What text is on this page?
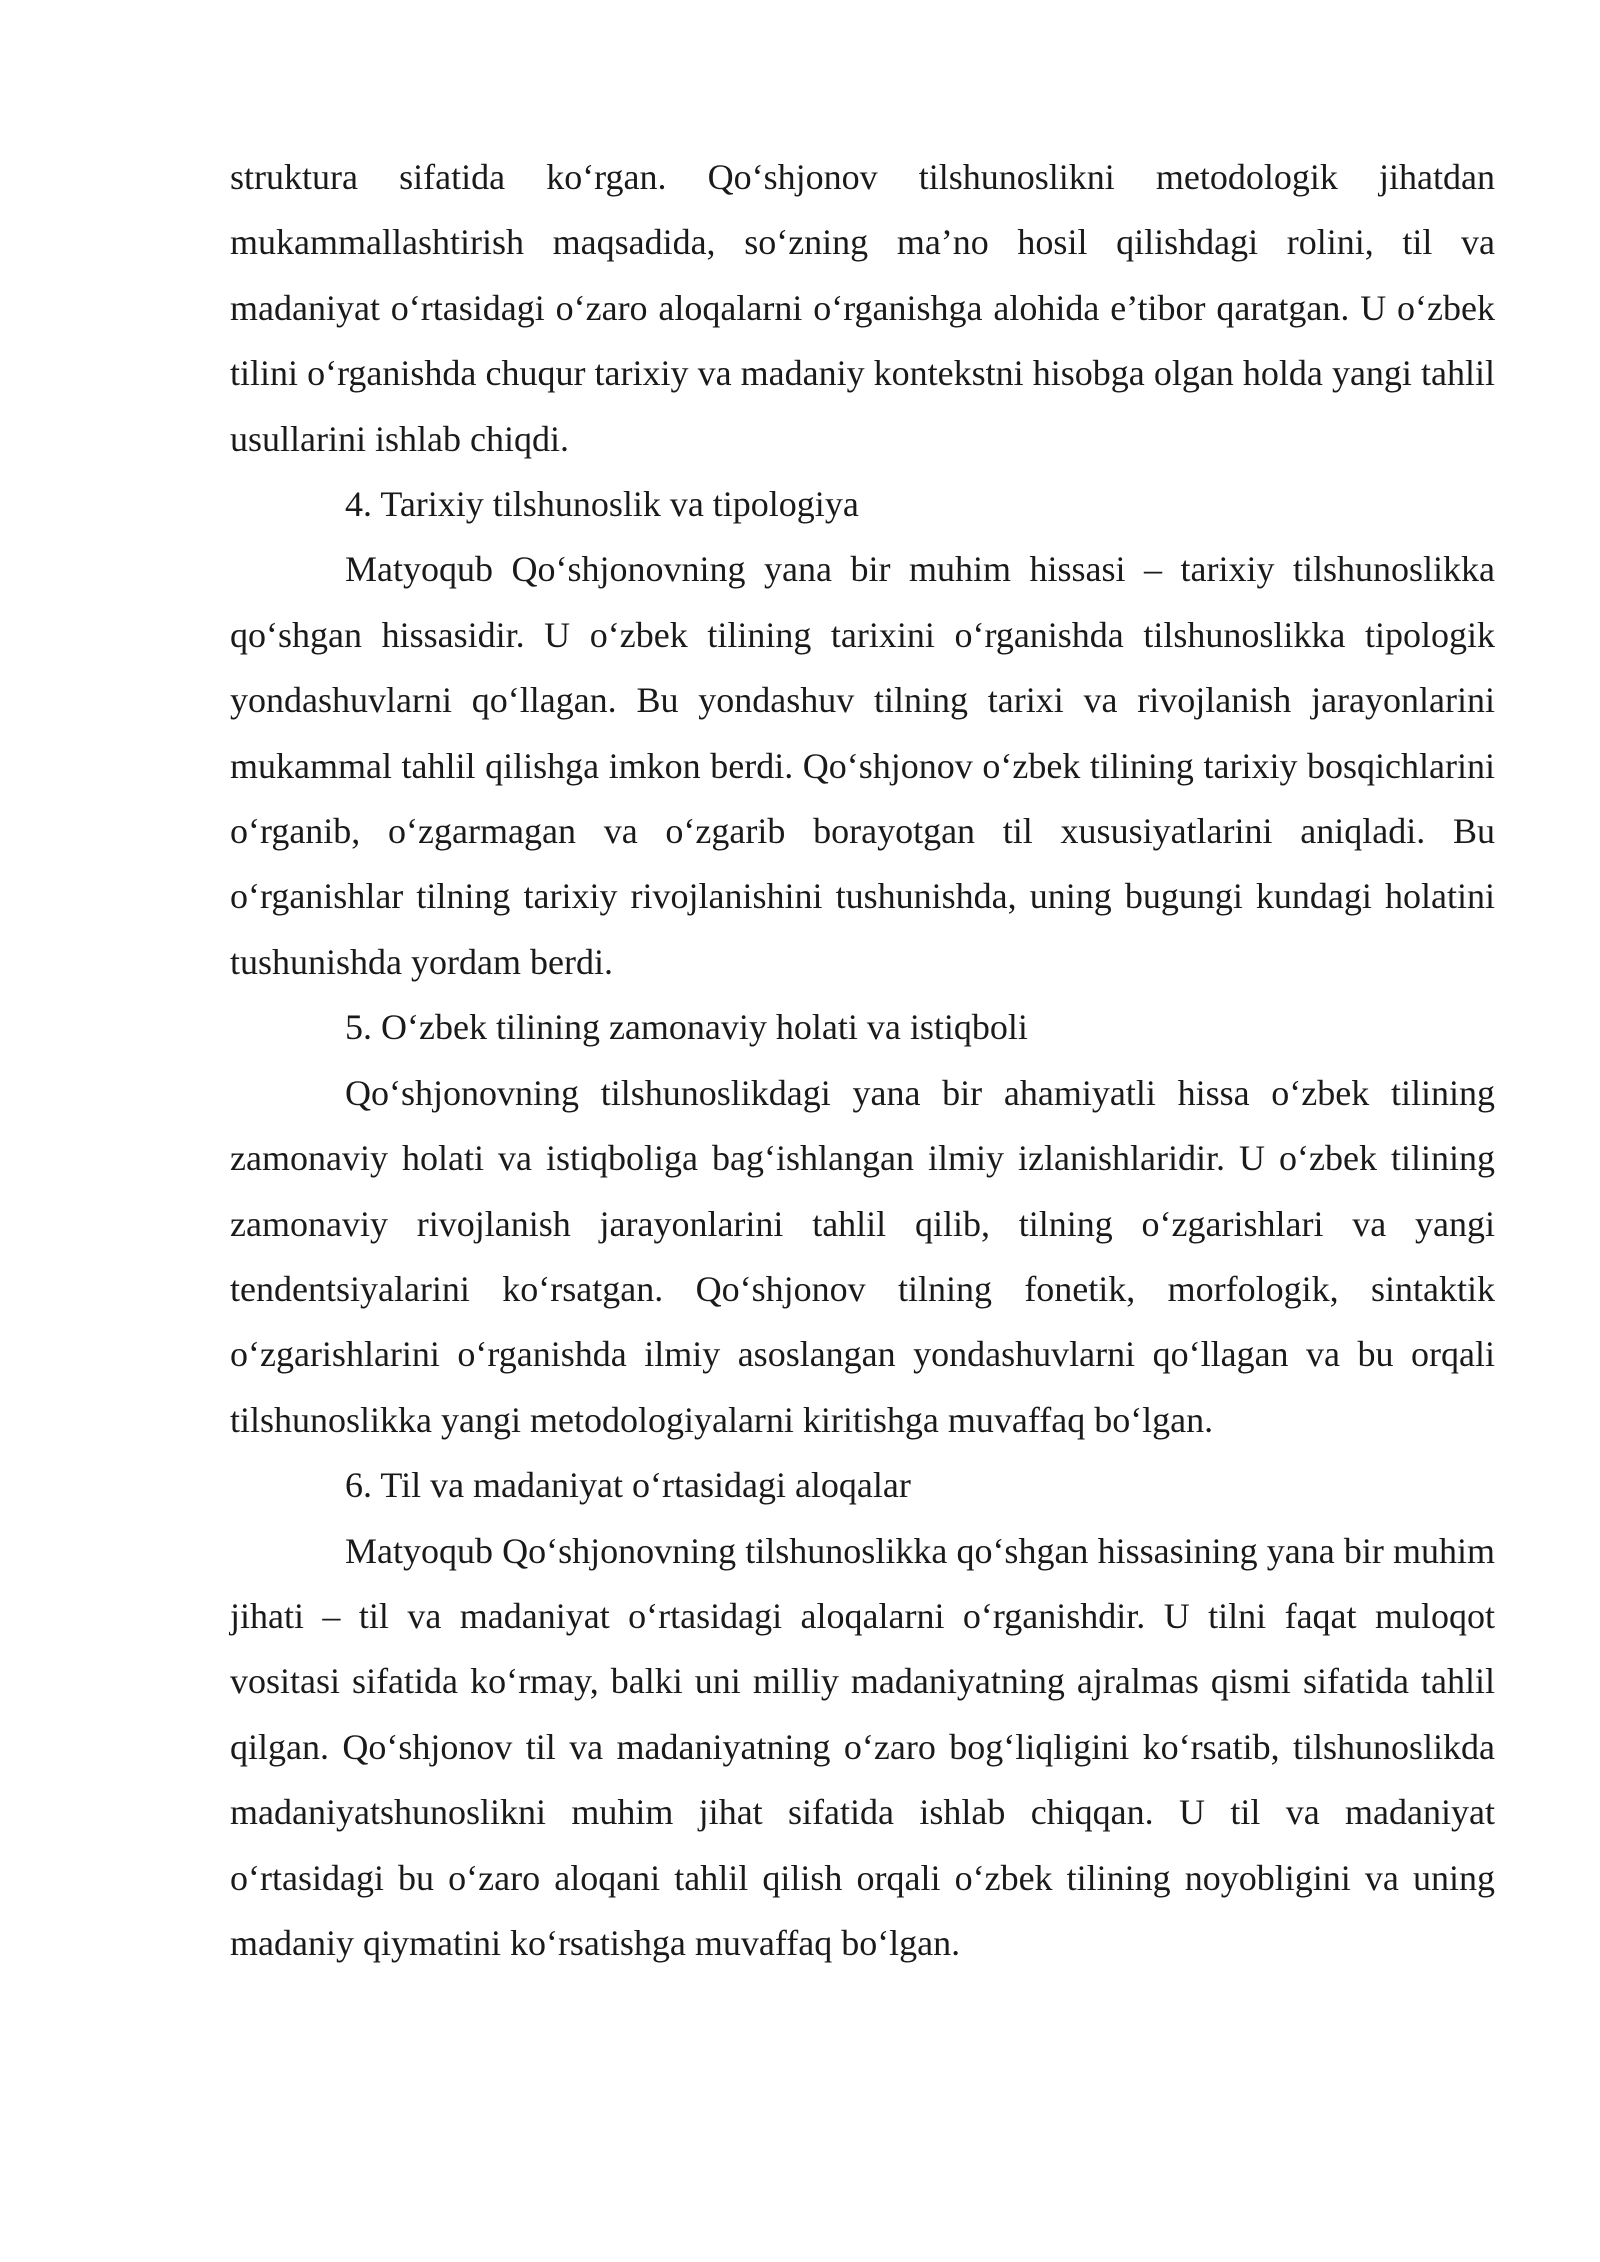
struktura sifatida koʻrgan. Qoʻshjonov tilshunoslikni metodologik jihatdan mukammallashtirish maqsadida, soʻzning ma’no hosil qilishdagi rolini, til va madaniyat oʻrtasidagi oʻzaro aloqalarni oʻrganishga alohida e’tibor qaratgan. U oʻzbek tilini oʻrganishda chuqur tarixiy va madaniy kontekstni hisobga olgan holda yangi tahlil usullarini ishlab chiqdi.

4. Tarixiy tilshunoslik va tipologiya

Matyoqub Qoʻshjonovning yana bir muhim hissasi – tarixiy tilshunoslikka qoʻshgan hissasidir. U oʻzbek tilining tarixini oʻrganishda tilshunoslikka tipologik yondashuvlarni qoʻllagan. Bu yondashuv tilning tarixi va rivojlanish jarayonlarini mukammal tahlil qilishga imkon berdi. Qoʻshjonov oʻzbek tilining tarixiy bosqichlarini oʻrganib, oʻzgarmagan va oʻzgarib borayotgan til xususiyatlarini aniqladi. Bu oʻrganishlar tilning tarixiy rivojlanishini tushunishda, uning bugungi kundagi holatini tushunishda yordam berdi.

5. Oʻzbek tilining zamonaviy holati va istiqboli

Qoʻshjonovning tilshunoslikdagi yana bir ahamiyatli hissa oʻzbek tilining zamonaviy holati va istiqboliga bagʻishlangan ilmiy izlanishlaridir. U oʻzbek tilining zamonaviy rivojlanish jarayonlarini tahlil qilib, tilning oʻzgarishlari va yangi tendentsiyalarini koʻrsatgan. Qoʻshjonov tilning fonetik, morfologik, sintaktik oʻzgarishlarini oʻrganishda ilmiy asoslangan yondashuvlarni qoʻllagan va bu orqali tilshunoslikka yangi metodologiyalarni kiritishga muvaffaq boʻlgan.

6. Til va madaniyat oʻrtasidagi aloqalar

Matyoqub Qoʻshjonovning tilshunoslikka qoʻshgan hissasining yana bir muhim jihati – til va madaniyat oʻrtasidagi aloqalarni oʻrganishdir. U tilni faqat muloqot vositasi sifatida koʻrmay, balki uni milliy madaniyatning ajralmas qismi sifatida tahlil qilgan. Qoʻshjonov til va madaniyatning oʻzaro bogʻliqligini koʻrsatib, tilshunoslikda madaniyatshunoslikni muhim jihat sifatida ishlab chiqqan. U til va madaniyat oʻrtasidagi bu oʻzaro aloqani tahlil qilish orqali oʻzbek tilining noyobligini va uning madaniy qiymatini koʻrsatishga muvaffaq boʻlgan.
